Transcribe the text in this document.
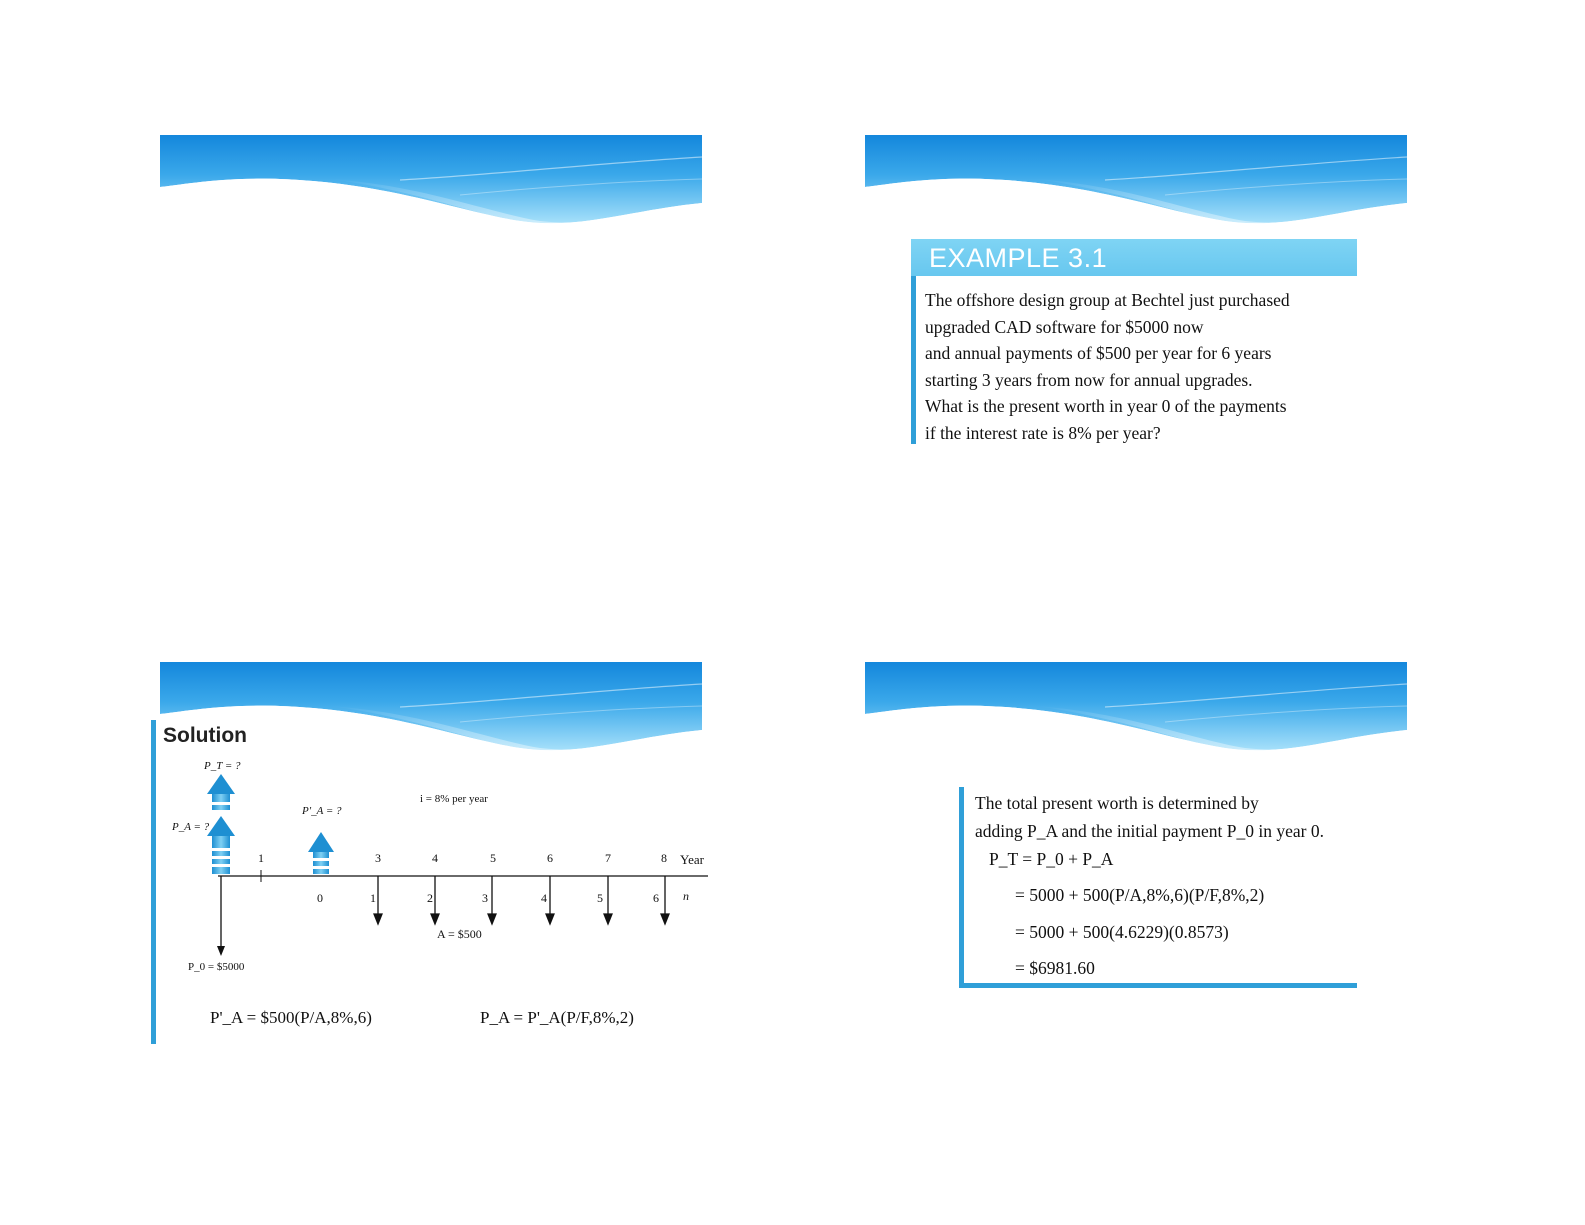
EXAMPLE 3.1
The offshore design group at Bechtel just purchased
upgraded CAD software for $5000 now
and annual payments of $500 per year for 6 years
starting 3 years from now for annual upgrades.
What is the present worth in year 0 of the payments
if the interest rate is 8% per year?
Solution
1	3	4	5	6	7	8 Year
0	1	2	3	4	5	6 n
A = $500
P_0 = $5000
P_T = ?
P_A = ?
P'_A = ?
i = 8% per year
P'_A = $500(P/A,8%,6)	P_A = P'_A(P/F,8%,2)
The total present worth is determined by
adding P_A and the initial payment P_0 in year 0.
P_T = P_0 + P_A
= 5000 + 500(P/A,8%,6)(P/F,8%,2)
= 5000 + 500(4.6229)(0.8573)
= $6981.60
